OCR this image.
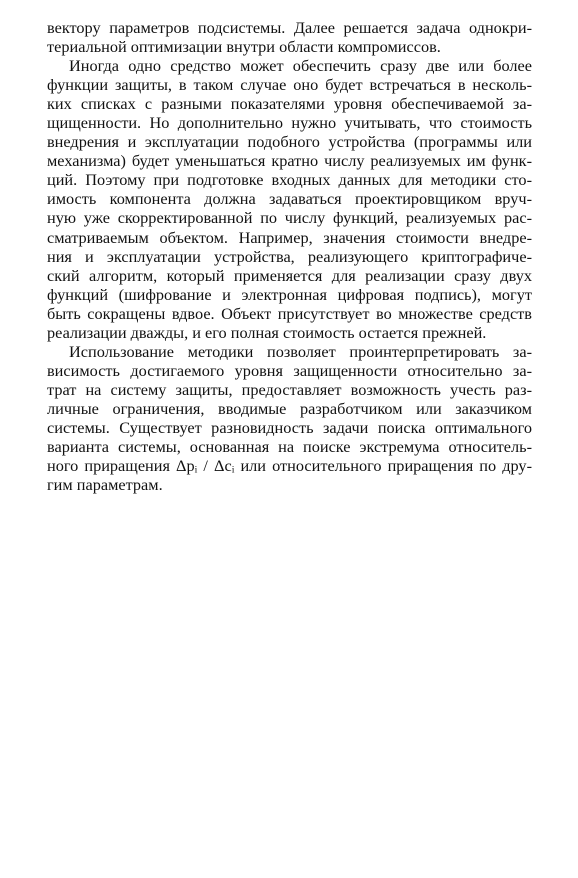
вектору параметров подсистемы. Далее решается задача однокри-
териальной оптимизации внутри области компромиссов.
Иногда одно средство может обеспечить сразу две или более
функции защиты, в таком случае оно будет встречаться в несколь-
ких списках с разными показателями уровня обеспечиваемой за-
щищенности. Но дополнительно нужно учитывать, что стоимость
внедрения и эксплуатации подобного устройства (программы или
механизма) будет уменьшаться кратно числу реализуемых им функ-
ций. Поэтому при подготовке входных данных для методики сто-
имость компонента должна задаваться проектировщиком вруч-
ную уже скорректированной по числу функций, реализуемых рас-
сматриваемым объектом. Например, значения стоимости внедре-
ния и эксплуатации устройства, реализующего криптографиче-
ский алгоритм, который применяется для реализации сразу двух
функций (шифрование и электронная цифровая подпись), могут
быть сокращены вдвое. Объект присутствует во множестве средств
реализации дважды, и его полная стоимость остается прежней.
Использование методики позволяет проинтерпретировать за-
висимость достигаемого уровня защищенности относительно за-
трат на систему защиты, предоставляет возможность учесть раз-
личные ограничения, вводимые разработчиком или заказчиком
системы. Существует разновидность задачи поиска оптимального
варианта системы, основанная на поиске экстремума относитель-
ного приращения Δpᵢ / Δcᵢ или относительного приращения по дру-
гим параметрам.
